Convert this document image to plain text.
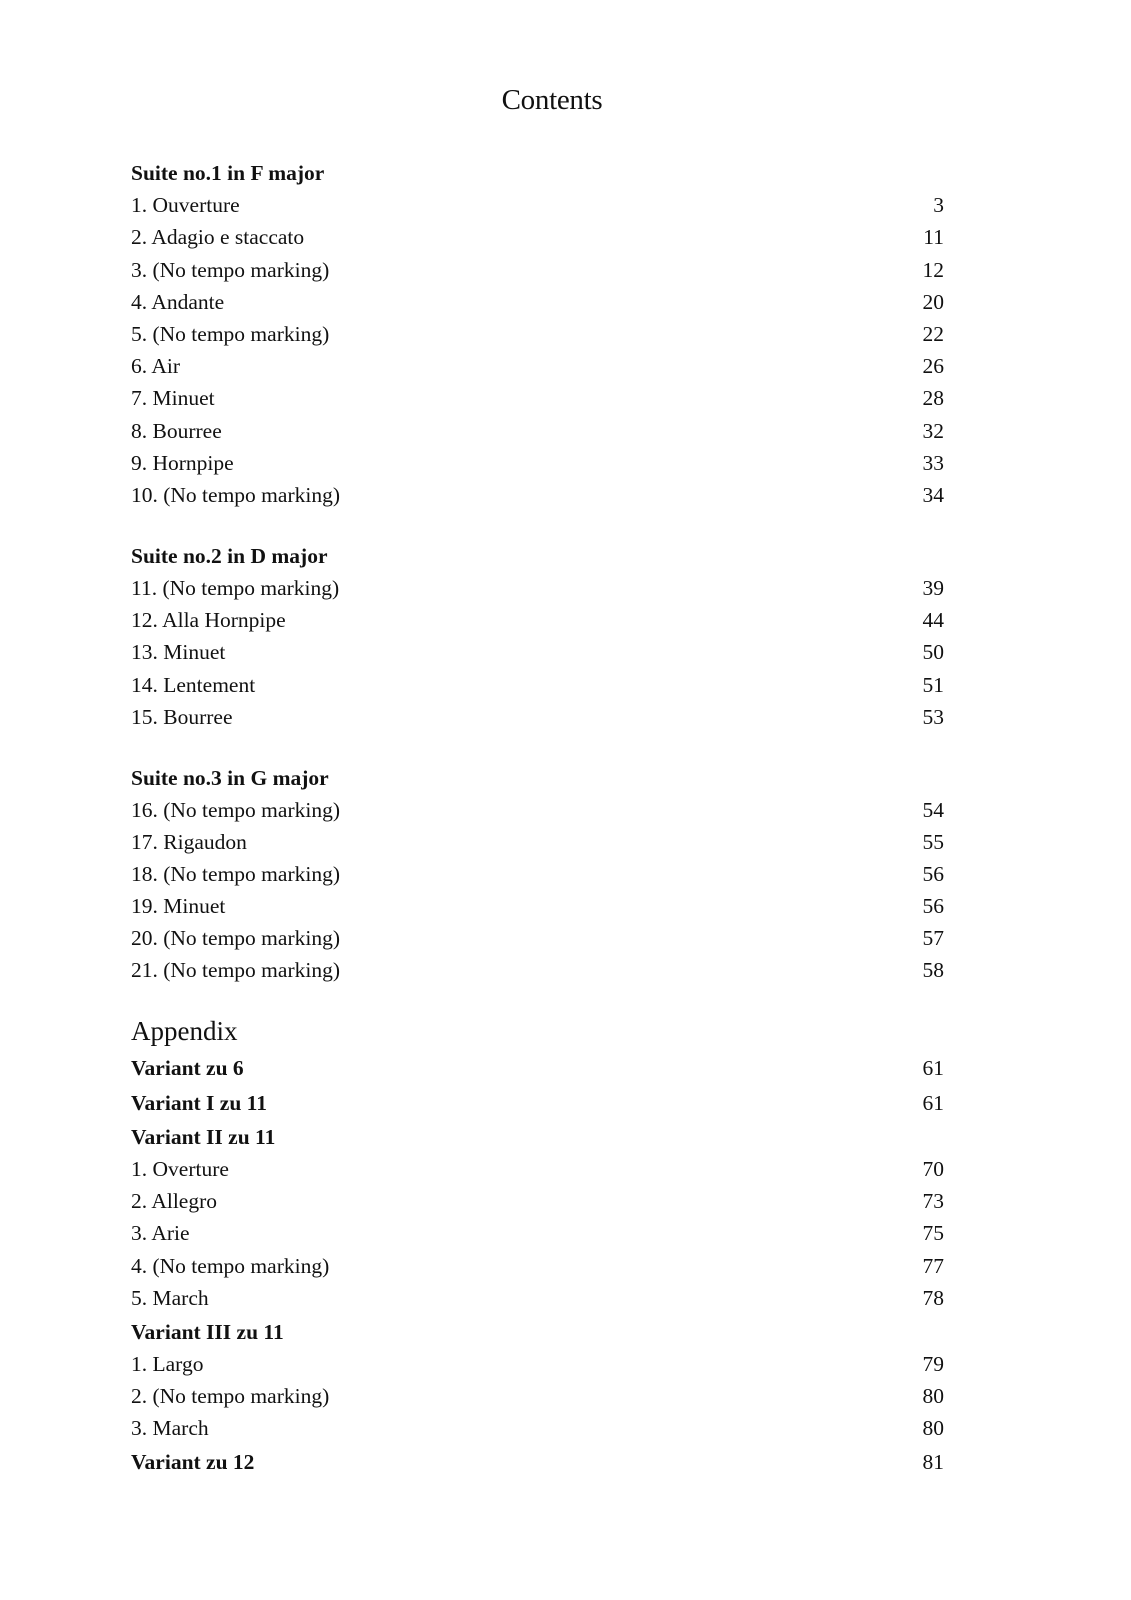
Contents
Suite no.1 in F major
1. Ouverture	3
2. Adagio e staccato	11
3. (No tempo marking)	12
4. Andante	20
5. (No tempo marking)	22
6. Air	26
7. Minuet	28
8. Bourree	32
9. Hornpipe	33
10. (No tempo marking)	34
Suite no.2 in D major
11. (No tempo marking)	39
12. Alla Hornpipe	44
13. Minuet	50
14. Lentement	51
15. Bourree	53
Suite no.3 in G major
16. (No tempo marking)	54
17. Rigaudon	55
18. (No tempo marking)	56
19. Minuet	56
20. (No tempo marking)	57
21. (No tempo marking)	58
Appendix
Variant zu 6	61
Variant I zu 11	61
Variant II zu 11
1. Overture	70
2. Allegro	73
3. Arie	75
4. (No tempo marking)	77
5. March	78
Variant III zu 11
1. Largo	79
2. (No tempo marking)	80
3. March	80
Variant zu 12	81
